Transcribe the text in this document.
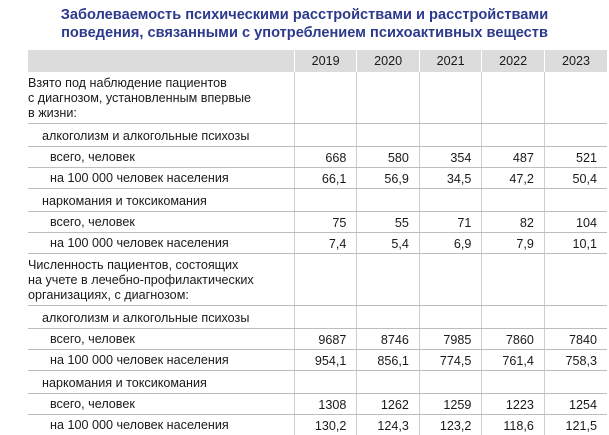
Заболеваемость психическими расстройствами и расстройствами
поведения, связанными с употреблением психоактивных веществ
	2019	2020	2021	2022	2023

Взято под наблюдение пациентов
с диагнозом, установленным впервые
в жизни:					

алкоголизм и алкогольные психозы					
всего, человек	668	580	354	487	521
на 100 000 человек населения	66,1	56,9	34,5	47,2	50,4
наркомания и токсикомания					
всего, человек	75	55	71	82	104
на 100 000 человек населения	7,4	5,4	6,9	7,9	10,1

Численность пациентов, состоящих
на учете в лечебно-профилактических
организациях, с диагнозом:					

алкоголизм и алкогольные психозы					
всего, человек	9687	8746	7985	7860	7840
на 100 000 человек населения	954,1	856,1	774,5	761,4	758,3
наркомания и токсикомания					
всего, человек	1308	1262	1259	1223	1254
на 100 000 человек населения	130,2	124,3	123,2	118,6	121,5
